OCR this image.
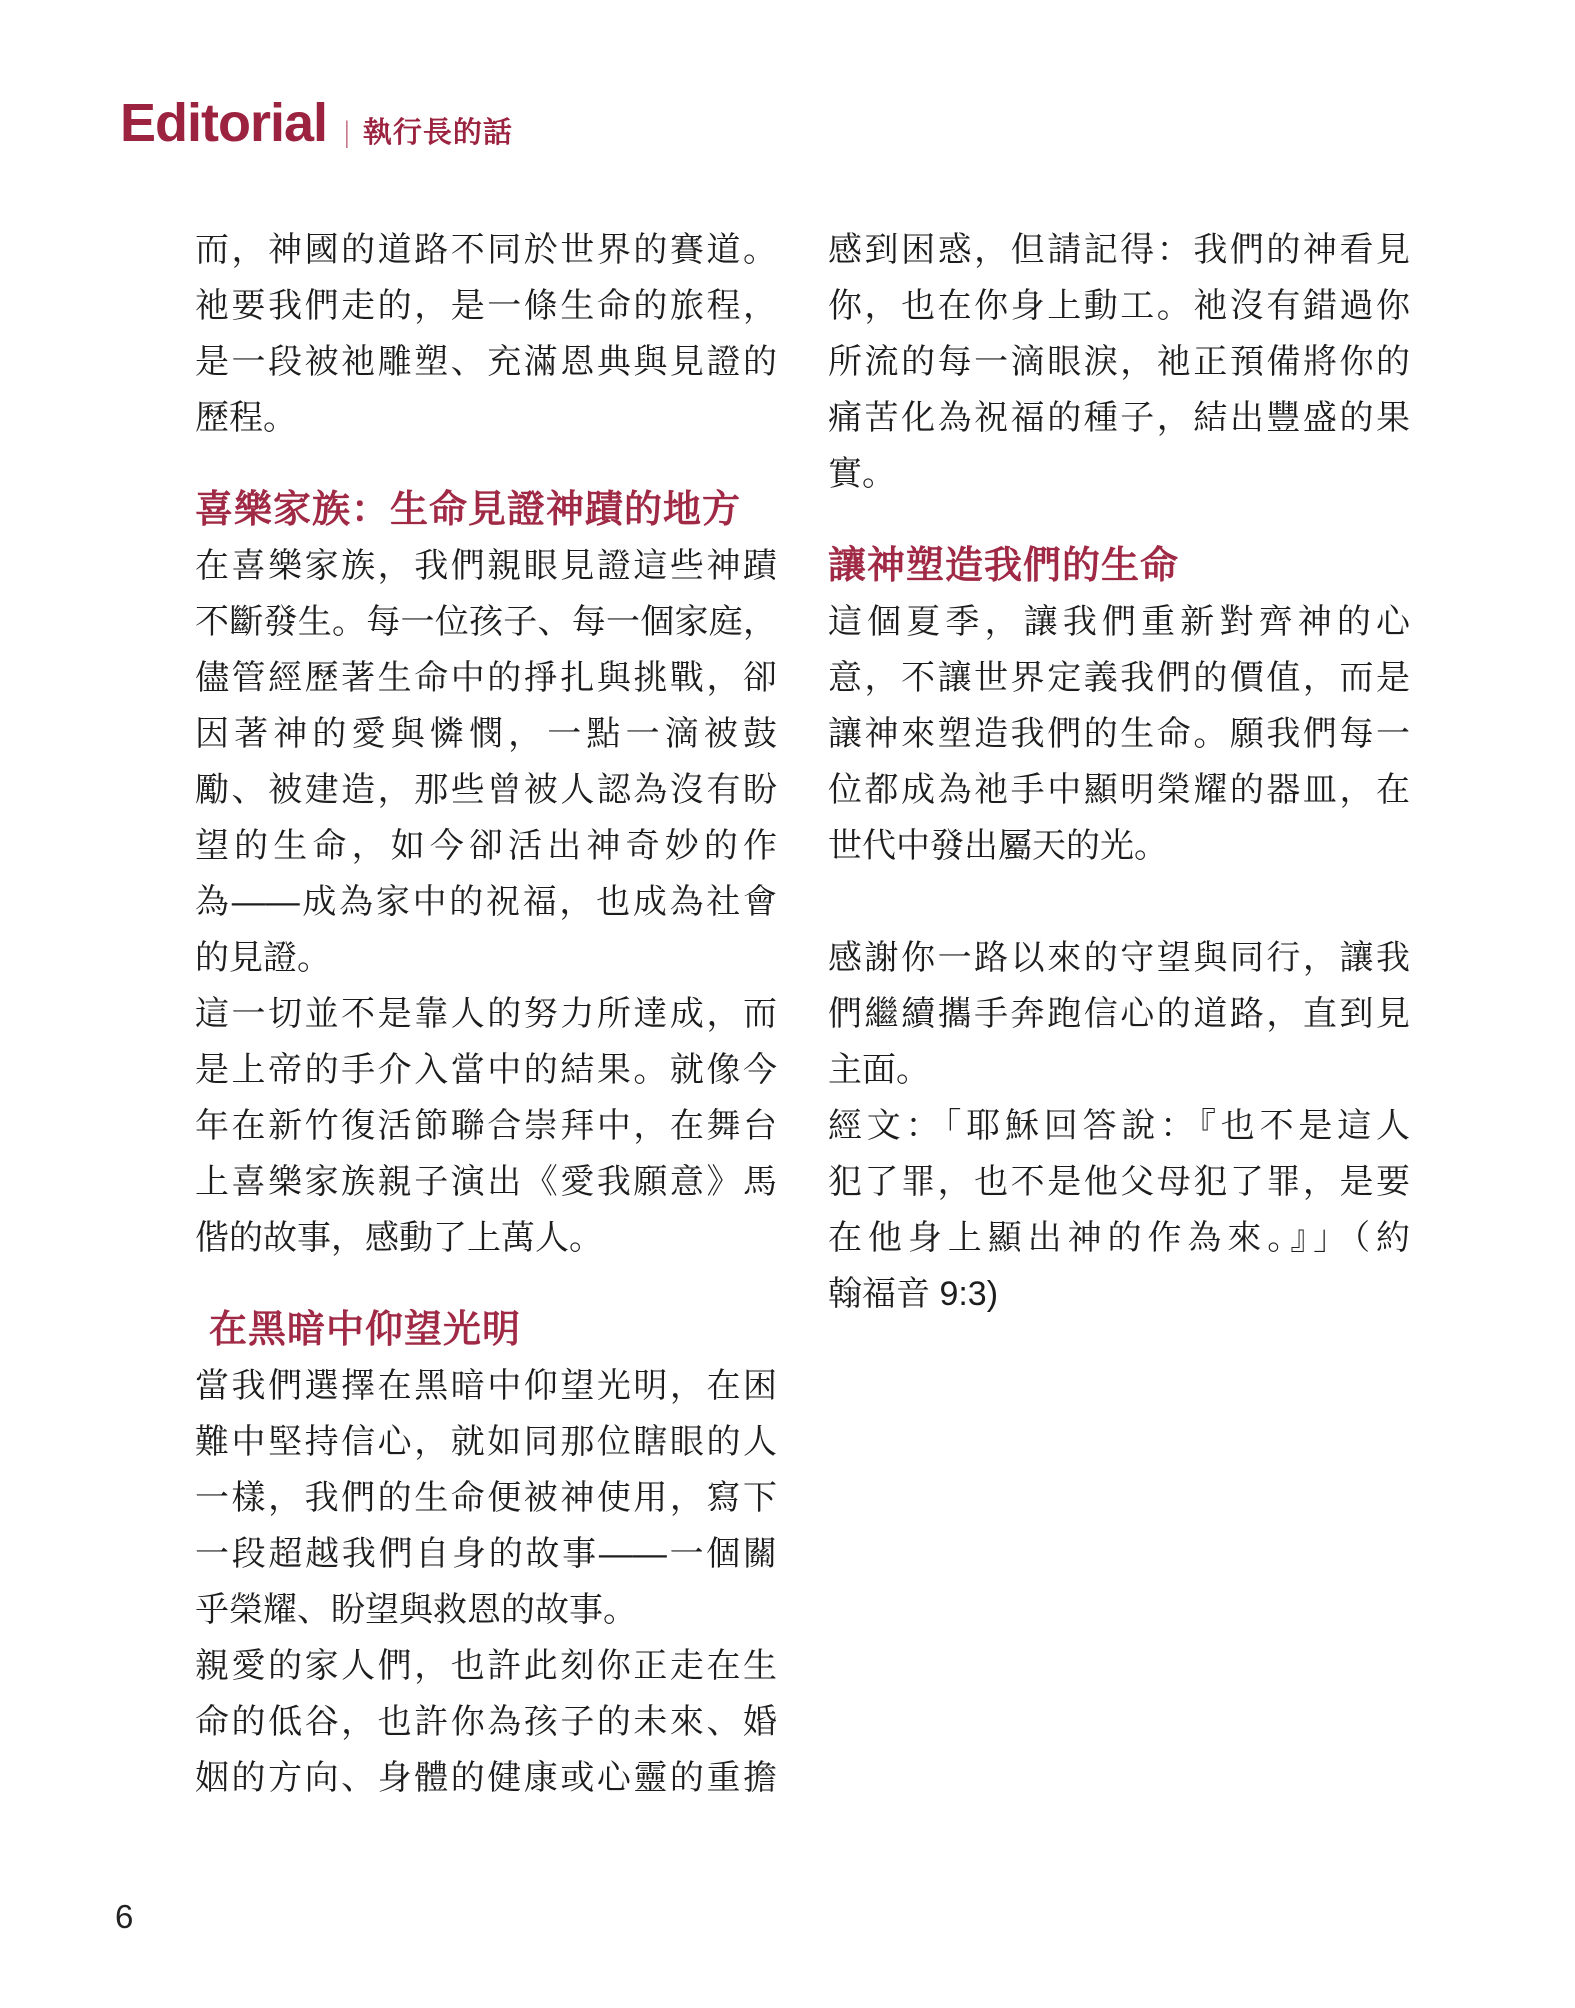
Editorial | 執行長的話
而，神國的道路不同於世界的賽道。
祂要我們走的，是一條生命的旅程，
是一段被祂雕塑、充滿恩典與見證的
歷程。
喜樂家族：生命見證神蹟的地方
在喜樂家族，我們親眼見證這些神蹟
不斷發生。每一位孩子、每一個家庭，
儘管經歷著生命中的掙扎與挑戰，卻
因著神的愛與憐憫，一點一滴被鼓
勵、被建造，那些曾被人認為沒有盼
望的生命，如今卻活出神奇妙的作
為——成為家中的祝福，也成為社會
的見證。
這一切並不是靠人的努力所達成，而
是上帝的手介入當中的結果。就像今
年在新竹復活節聯合崇拜中，在舞台
上喜樂家族親子演出《愛我願意》馬
偕的故事，感動了上萬人。
在黑暗中仰望光明
當我們選擇在黑暗中仰望光明，在困
難中堅持信心，就如同那位瞎眼的人
一樣，我們的生命便被神使用，寫下
一段超越我們自身的故事——一個關
乎榮耀、盼望與救恩的故事。
親愛的家人們，也許此刻你正走在生
命的低谷，也許你為孩子的未來、婚
姻的方向、身體的健康或心靈的重擔
感到困惑，但請記得：我們的神看見
你，也在你身上動工。祂沒有錯過你
所流的每一滴眼淚，祂正預備將你的
痛苦化為祝福的種子，結出豐盛的果
實。
讓神塑造我們的生命
這個夏季，讓我們重新對齊神的心
意，不讓世界定義我們的價值，而是
讓神來塑造我們的生命。願我們每一
位都成為祂手中顯明榮耀的器皿，在
世代中發出屬天的光。
感謝你一路以來的守望與同行，讓我
們繼續攜手奔跑信心的道路，直到見
主面。
經文：「耶穌回答說：『也不是這人
犯了罪，也不是他父母犯了罪，是要
在他身上顯出神的作為來。』」（約
翰福音 9:3)
6
